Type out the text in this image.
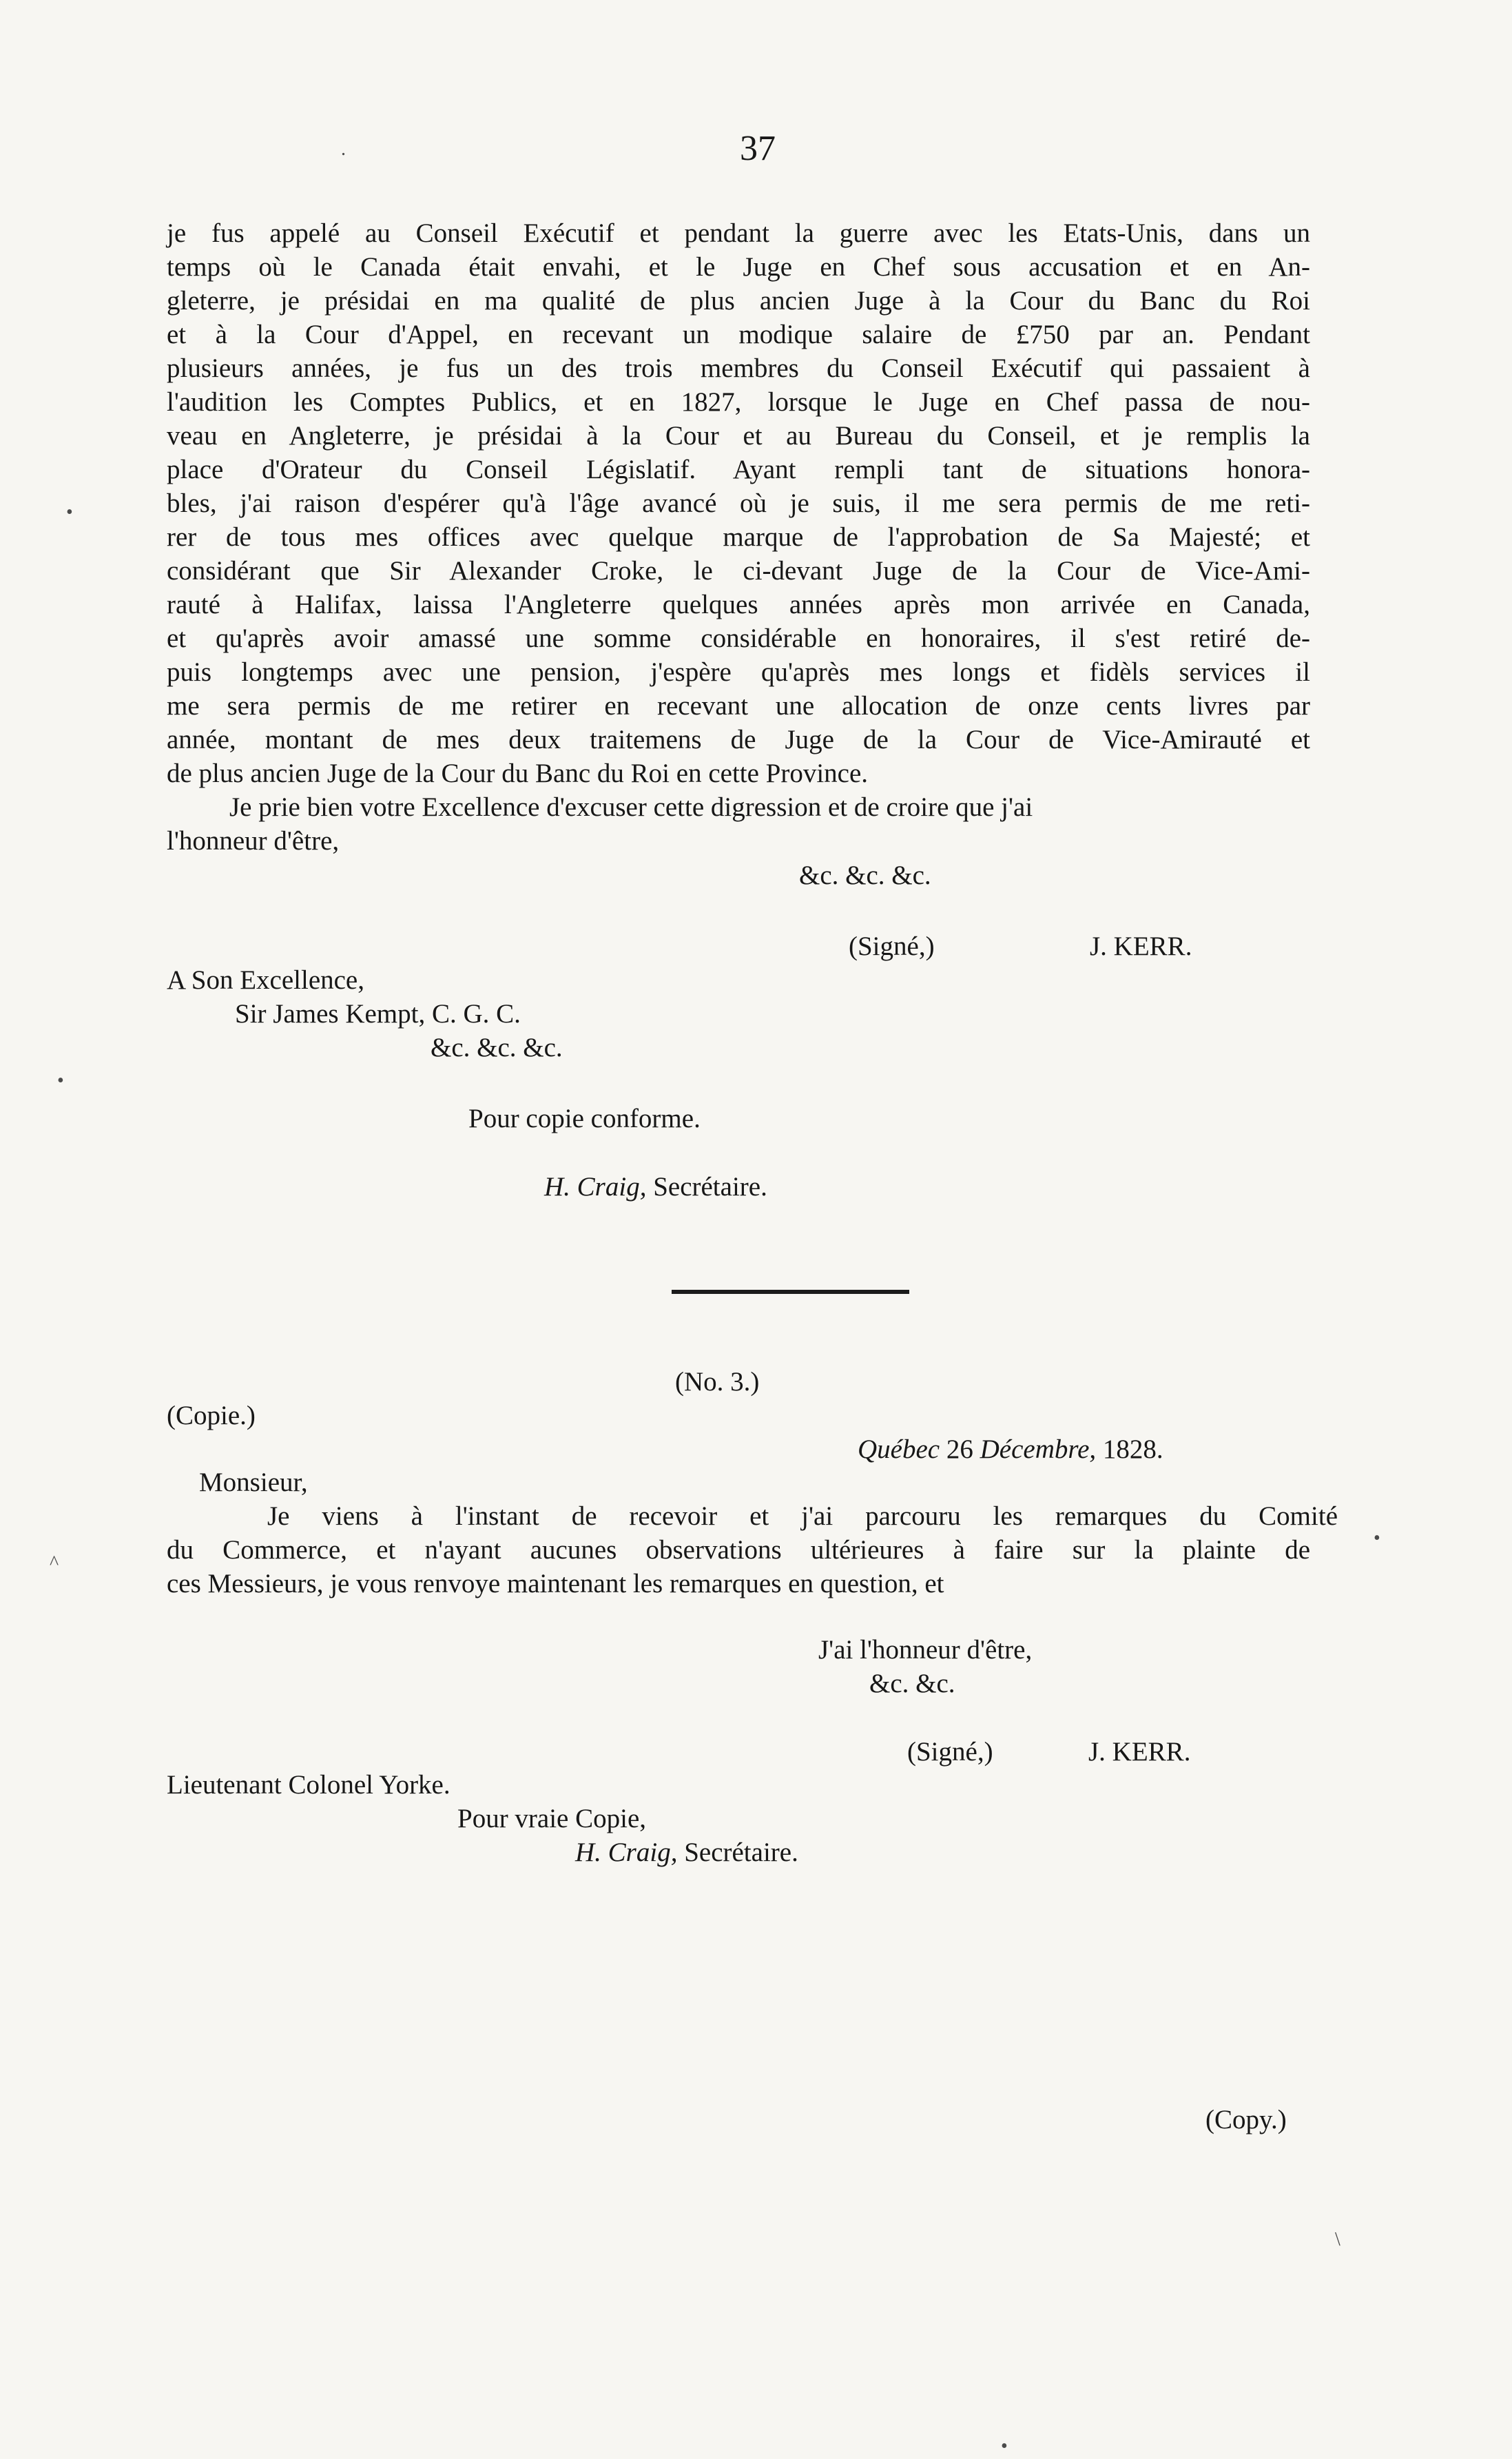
37
je fus appelé au Conseil Exécutif et pendant la guerre avec les Etats-Unis, dans un
temps où le Canada était envahi, et le Juge en Chef sous accusation et en An-
gleterre, je présidai en ma qualité de plus ancien Juge à la Cour du Banc du Roi
et à la Cour d'Appel, en recevant un modique salaire de £750 par an. Pendant
plusieurs années, je fus un des trois membres du Conseil Exécutif qui passaient à
l'audition les Comptes Publics, et en 1827, lorsque le Juge en Chef passa de nou-
veau en Angleterre, je présidai à la Cour et au Bureau du Conseil, et je remplis la
place d'Orateur du Conseil Législatif. Ayant rempli tant de situations honora-
bles, j'ai raison d'espérer qu'à l'âge avancé où je suis, il me sera permis de me reti-
rer de tous mes offices avec quelque marque de l'approbation de Sa Majesté; et
considérant que Sir Alexander Croke, le ci-devant Juge de la Cour de Vice-Ami-
rauté à Halifax, laissa l'Angleterre quelques années après mon arrivée en Canada,
et qu'après avoir amassé une somme considérable en honoraires, il s'est retiré de-
puis longtemps avec une pension, j'espère qu'après mes longs et fidèls services il
me sera permis de me retirer en recevant une allocation de onze cents livres par
année, montant de mes deux traitemens de Juge de la Cour de Vice-Amirauté et
de plus ancien Juge de la Cour du Banc du Roi en cette Province.
Je prie bien votre Excellence d'excuser cette digression et de croire que j'ai
l'honneur d'être,
&c. &c. &c.
(Signé,)	J. KERR.
A Son Excellence,
Sir James Kempt, C. G. C.
&c. &c. &c.
Pour copie conforme.
H. Craig, Secrétaire.
(No. 3.)
(Copie.)
Québec 26 Décembre, 1828.
Monsieur,
Je viens à l'instant de recevoir et j'ai parcouru les remarques du Comité
du Commerce, et n'ayant aucunes observations ultérieures à faire sur la plainte de
ces Messieurs, je vous renvoye maintenant les remarques en question, et
J'ai l'honneur d'être,
&c. &c.
(Signé,)	J. KERR.
Lieutenant Colonel Yorke.
Pour vraie Copie,
H. Craig, Secrétaire.
(Copy.)
.
•
•
^
•
•
\
